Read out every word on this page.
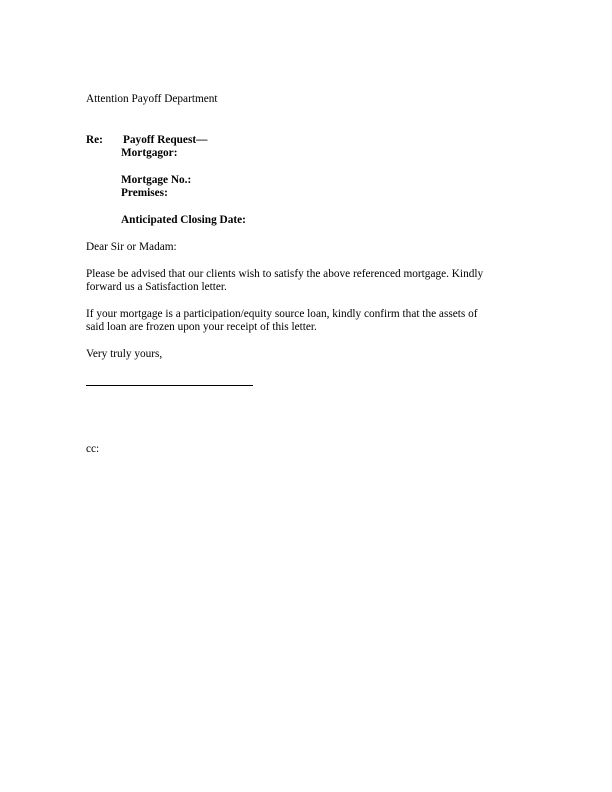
Attention Payoff Department
Re: Payoff Request—
Mortgagor:
Mortgage No.:
Premises:
Anticipated Closing Date:
Dear Sir or Madam:
Please be advised that our clients wish to satisfy the above referenced mortgage. Kindly
forward us a Satisfaction letter.
If your mortgage is a participation/equity source loan, kindly confirm that the assets of
said loan are frozen upon your receipt of this letter.
Very truly yours,
cc:
